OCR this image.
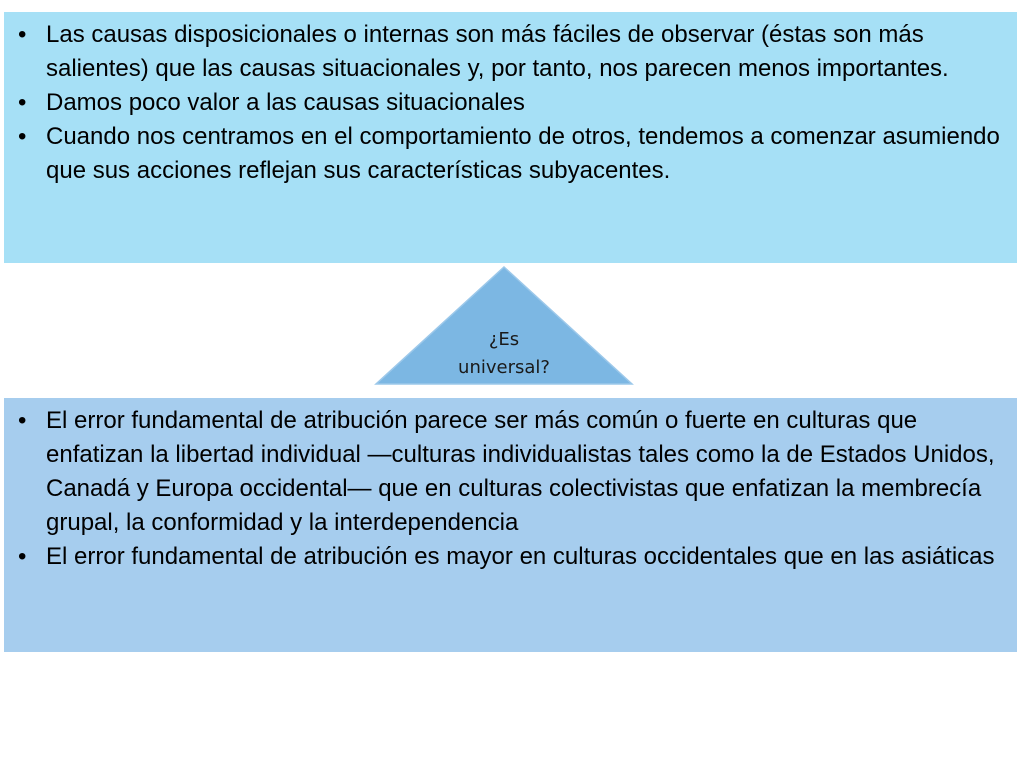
• Las causas disposicionales o internas son más fáciles de observar (éstas son más salientes) que las causas situacionales y, por tanto, nos parecen menos importantes.
• Damos poco valor a las causas situacionales
• Cuando nos centramos en el comportamiento de otros, tendemos a comenzar asumiendo que sus acciones reflejan sus características subyacentes.
¿Es
universal?
• El error fundamental de atribución parece ser más común o fuerte en culturas que enfatizan la libertad individual —culturas individualistas tales como la de Estados Unidos, Canadá y Europa occidental— que en culturas colectivistas que enfatizan la membrecía grupal, la conformidad y la interdependencia
• El error fundamental de atribución es mayor en culturas occidentales que en las asiáticas
